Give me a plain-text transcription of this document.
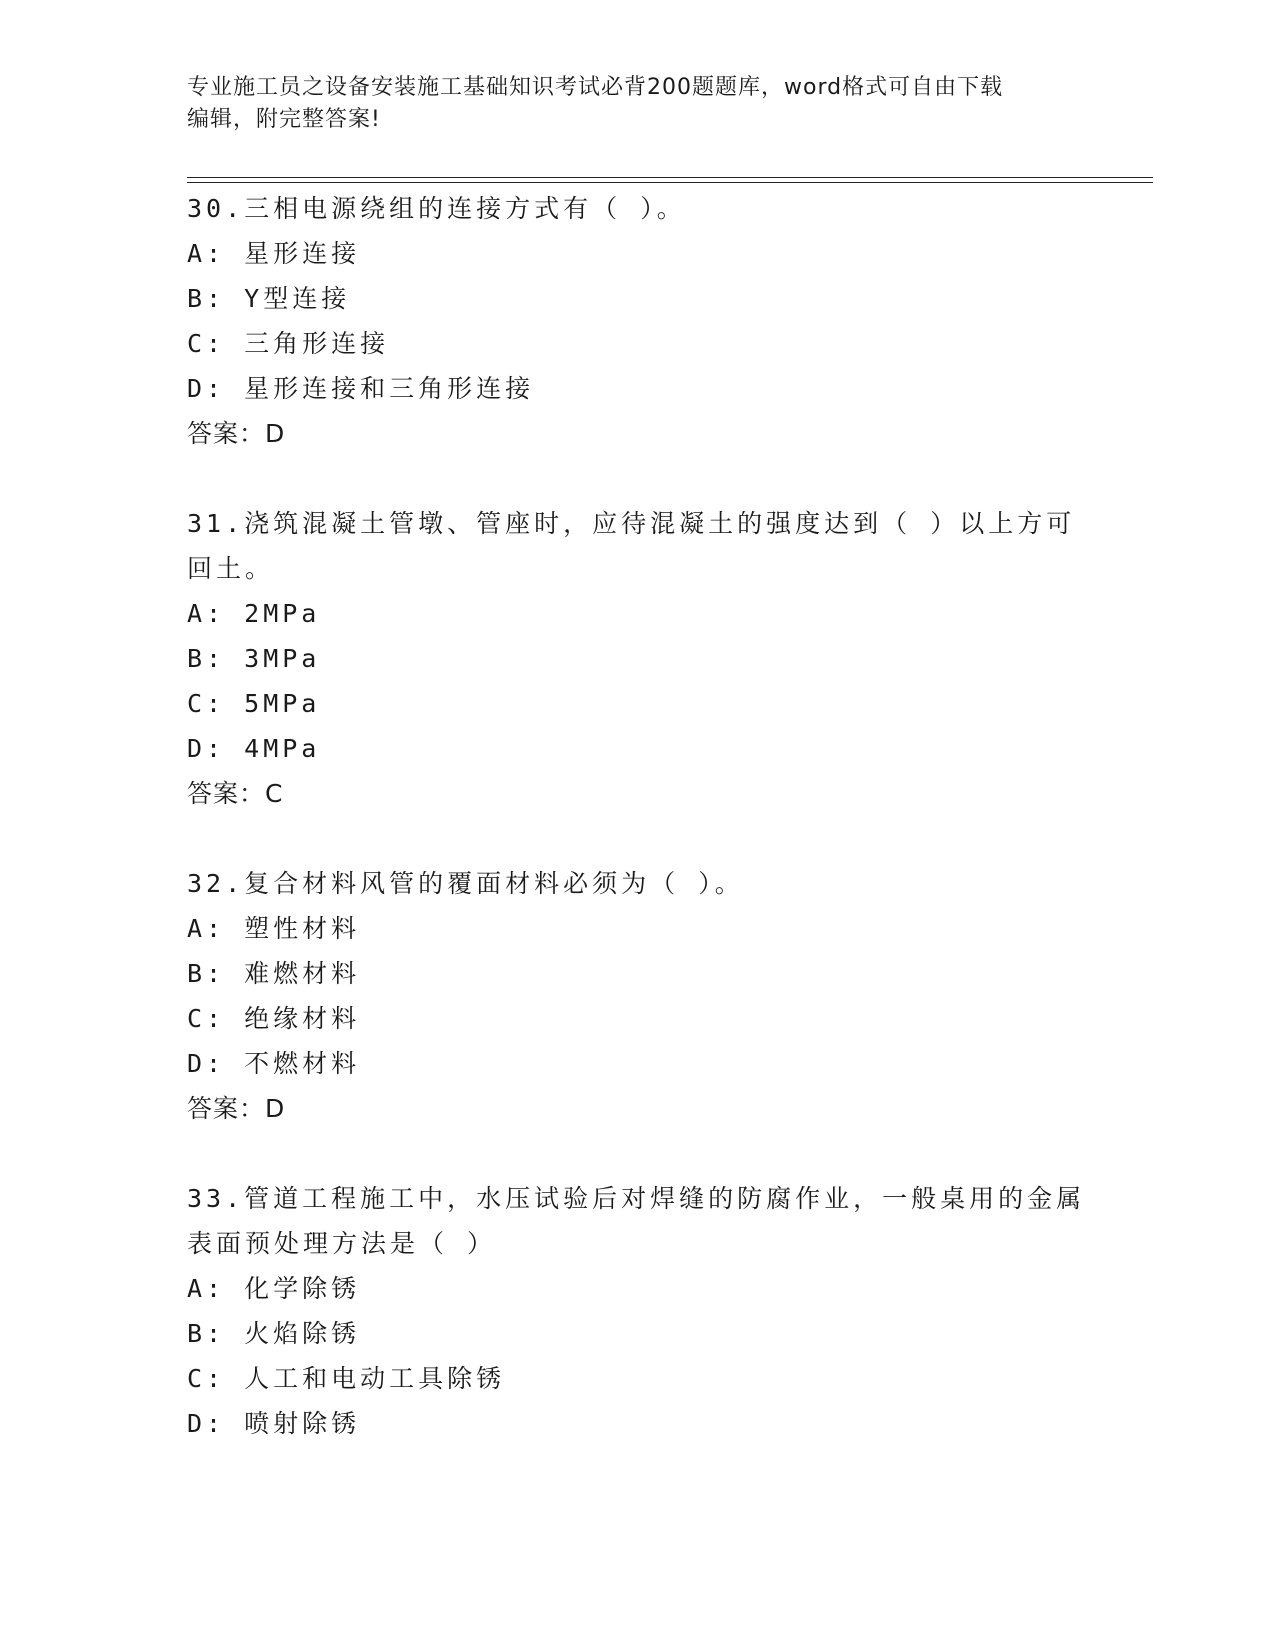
专业施工员之设备安装施工基础知识考试必背200题题库，word格式可自由下载
编辑，附完整答案!
30.三相电源绕组的连接方式有（ ）。
A: 星形连接
B: Y型连接
C: 三角形连接
D: 星形连接和三角形连接
答案：D
31.浇筑混凝土管墩、管座时，应待混凝土的强度达到（ ）以上方可
回土。
A: 2MPa
B: 3MPa
C: 5MPa
D: 4MPa
答案：C
32.复合材料风管的覆面材料必须为（ ）。
A: 塑性材料
B: 难燃材料
C: 绝缘材料
D: 不燃材料
答案：D
33.管道工程施工中，水压试验后对焊缝的防腐作业，一般桌用的金属
表面预处理方法是（ ）
A: 化学除锈
B: 火焰除锈
C: 人工和电动工具除锈
D: 喷射除锈
